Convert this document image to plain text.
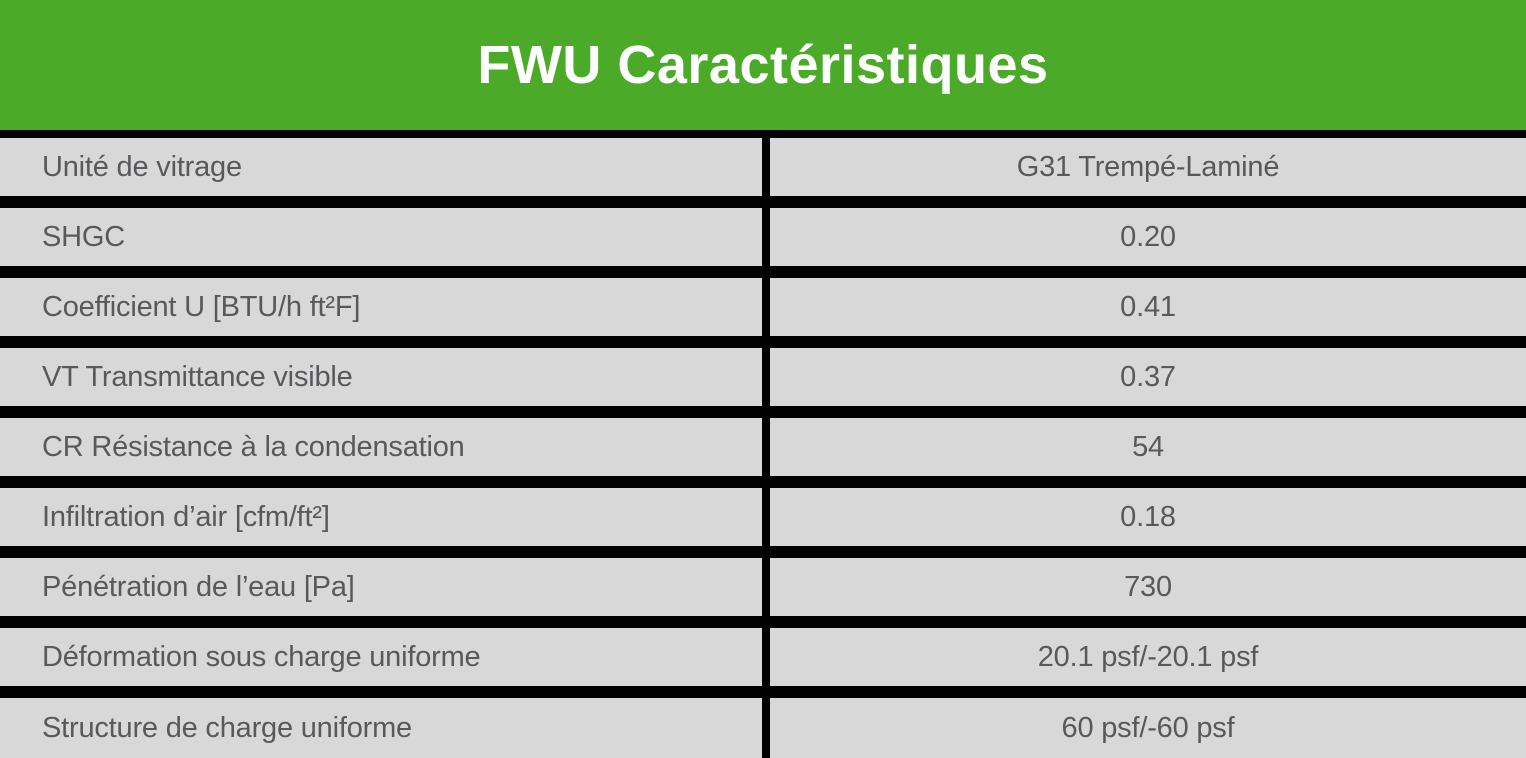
FWU Caractéristiques
Unité de vitrage	G31 Trempé-Laminé
SHGC	0.20
Coefficient U [BTU/h ft²F]	0.41
VT Transmittance visible	0.37
CR Résistance à la condensation	54
Infiltration d’air [cfm/ft²]	0.18
Pénétration de l’eau [Pa]	730
Déformation sous charge uniforme	20.1 psf/-20.1 psf
Structure de charge uniforme	60 psf/-60 psf
